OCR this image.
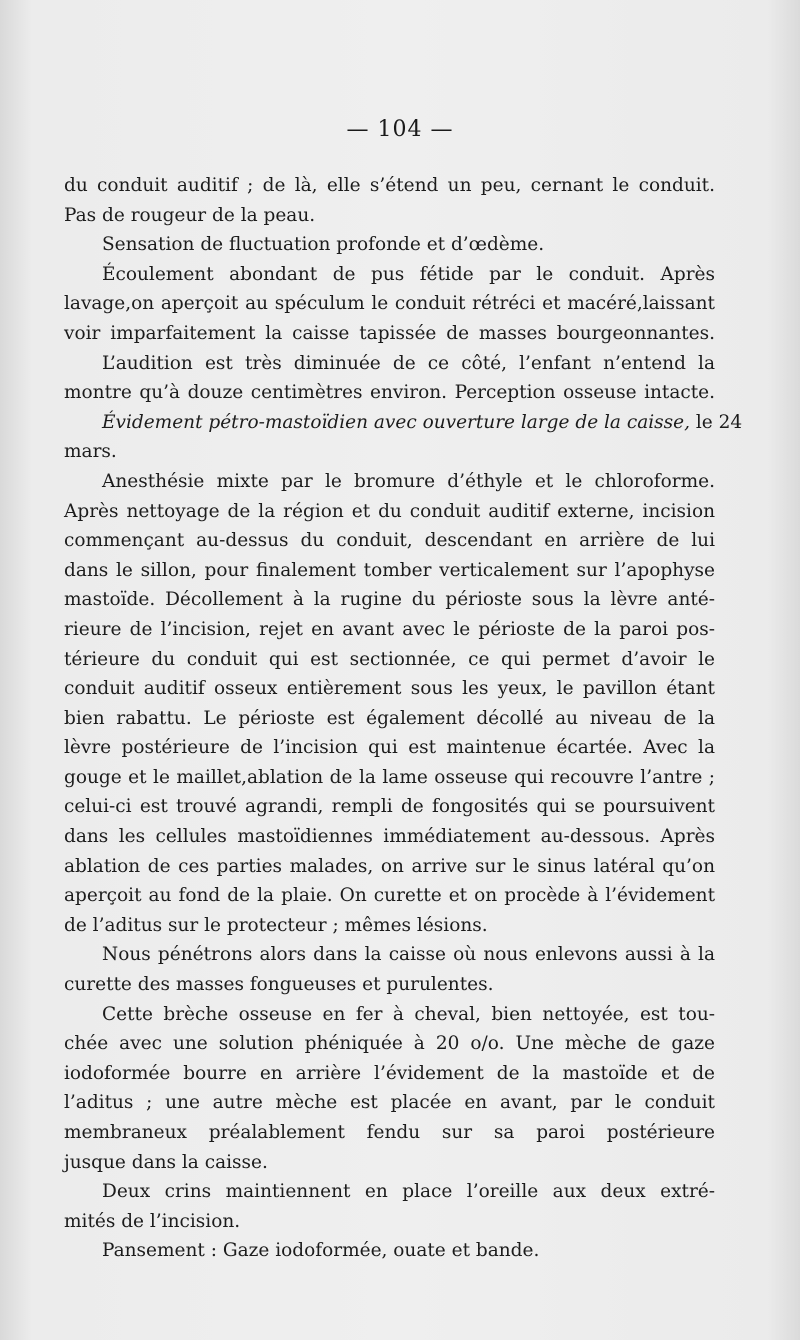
— 104 —
du conduit auditif ; de là, elle s’étend un peu, cernant le conduit.
Pas de rougeur de la peau.
Sensation de fluctuation profonde et d’œdème.
Écoulement abondant de pus fétide par le conduit. Après
lavage,on aperçoit au spéculum le conduit rétréci et macéré,laissant
voir imparfaitement la caisse tapissée de masses bourgeonnantes.
L’audition est très diminuée de ce côté, l’enfant n’entend la
montre qu’à douze centimètres environ. Perception osseuse intacte.
Évidement pétro-mastoïdien avec ouverture large de la caisse, le 24
mars.
Anesthésie mixte par le bromure d’éthyle et le chloroforme.
Après nettoyage de la région et du conduit auditif externe, incision
commençant au-dessus du conduit, descendant en arrière de lui
dans le sillon, pour finalement tomber verticalement sur l’apophyse
mastoïde. Décollement à la rugine du périoste sous la lèvre anté-
rieure de l’incision, rejet en avant avec le périoste de la paroi pos-
térieure du conduit qui est sectionnée, ce qui permet d’avoir le
conduit auditif osseux entièrement sous les yeux, le pavillon étant
bien rabattu. Le périoste est également décollé au niveau de la
lèvre postérieure de l’incision qui est maintenue écartée. Avec la
gouge et le maillet,ablation de la lame osseuse qui recouvre l’antre ;
celui-ci est trouvé agrandi, rempli de fongosités qui se poursuivent
dans les cellules mastoïdiennes immédiatement au-dessous. Après
ablation de ces parties malades, on arrive sur le sinus latéral qu’on
aperçoit au fond de la plaie. On curette et on procède à l’évidement
de l’aditus sur le protecteur ; mêmes lésions.
Nous pénétrons alors dans la caisse où nous enlevons aussi à la
curette des masses fongueuses et purulentes.
Cette brèche osseuse en fer à cheval, bien nettoyée, est tou-
chée avec une solution phéniquée à 20 o/o. Une mèche de gaze
iodoformée bourre en arrière l’évidement de la mastoïde et de
l’aditus ; une autre mèche est placée en avant, par le conduit
membraneux préalablement fendu sur sa paroi postérieure
jusque dans la caisse.
Deux crins maintiennent en place l’oreille aux deux extré-
mités de l’incision.
Pansement : Gaze iodoformée, ouate et bande.
